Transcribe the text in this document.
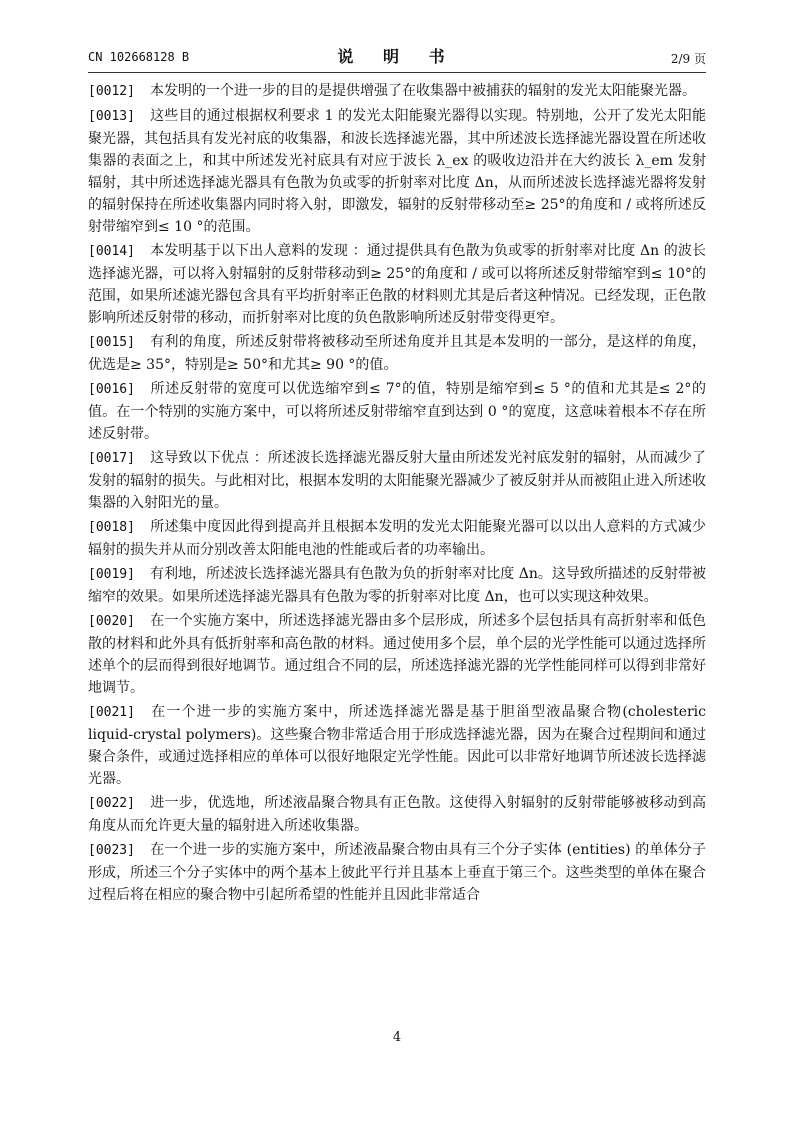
CN 102668128 B	说 明 书	2/9 页
[0012] 本发明的一个进一步的目的是提供增强了在收集器中被捕获的辐射的发光太阳能聚光器。
[0013] 这些目的通过根据权利要求 1 的发光太阳能聚光器得以实现。特别地，公开了发光太阳能聚光器，其包括具有发光衬底的收集器，和波长选择滤光器，其中所述波长选择滤光器设置在所述收集器的表面之上，和其中所述发光衬底具有对应于波长 λ_ex 的吸收边沿并在大约波长 λ_em 发射辐射，其中所述选择滤光器具有色散为负或零的折射率对比度 Δn，从而所述波长选择滤光器将发射的辐射保持在所述收集器内同时将入射，即激发，辐射的反射带移动至≥ 25°的角度和 / 或将所述反射带缩窄到≤ 10 °的范围。
[0014] 本发明基于以下出人意料的发现 ：通过提供具有色散为负或零的折射率对比度 Δn 的波长选择滤光器，可以将入射辐射的反射带移动到≥ 25°的角度和 / 或可以将所述反射带缩窄到≤ 10°的范围，如果所述滤光器包含具有平均折射率正色散的材料则尤其是后者这种情况。已经发现，正色散影响所述反射带的移动，而折射率对比度的负色散影响所述反射带变得更窄。
[0015] 有利的角度，所述反射带将被移动至所述角度并且其是本发明的一部分，是这样的角度，优选是≥ 35°，特别是≥ 50°和尤其≥ 90 °的值。
[0016] 所述反射带的宽度可以优选缩窄到≤ 7°的值，特别是缩窄到≤ 5 °的值和尤其是≤ 2°的值。在一个特别的实施方案中，可以将所述反射带缩窄直到达到 0 °的宽度，这意味着根本不存在所述反射带。
[0017] 这导致以下优点 ：所述波长选择滤光器反射大量由所述发光衬底发射的辐射，从而减少了发射的辐射的损失。与此相对比，根据本发明的太阳能聚光器减少了被反射并从而被阻止进入所述收集器的入射阳光的量。
[0018] 所述集中度因此得到提高并且根据本发明的发光太阳能聚光器可以以出人意料的方式减少辐射的损失并从而分别改善太阳能电池的性能或后者的功率输出。
[0019] 有利地，所述波长选择滤光器具有色散为负的折射率对比度 Δn。这导致所描述的反射带被缩窄的效果。如果所述选择滤光器具有色散为零的折射率对比度 Δn，也可以实现这种效果。
[0020] 在一个实施方案中，所述选择滤光器由多个层形成，所述多个层包括具有高折射率和低色散的材料和此外具有低折射率和高色散的材料。通过使用多个层，单个层的光学性能可以通过选择所述单个的层而得到很好地调节。通过组合不同的层，所述选择滤光器的光学性能同样可以得到非常好地调节。
[0021] 在一个进一步的实施方案中，所述选择滤光器是基于胆甾型液晶聚合物(cholesteric liquid-crystal polymers)。这些聚合物非常适合用于形成选择滤光器，因为在聚合过程期间和通过聚合条件，或通过选择相应的单体可以很好地限定光学性能。因此可以非常好地调节所述波长选择滤光器。
[0022] 进一步，优选地，所述液晶聚合物具有正色散。这使得入射辐射的反射带能够被移动到高角度从而允许更大量的辐射进入所述收集器。
[0023] 在一个进一步的实施方案中，所述液晶聚合物由具有三个分子实体 (entities) 的单体分子形成，所述三个分子实体中的两个基本上彼此平行并且基本上垂直于第三个。这些类型的单体在聚合过程后将在相应的聚合物中引起所希望的性能并且因此非常适合
4
